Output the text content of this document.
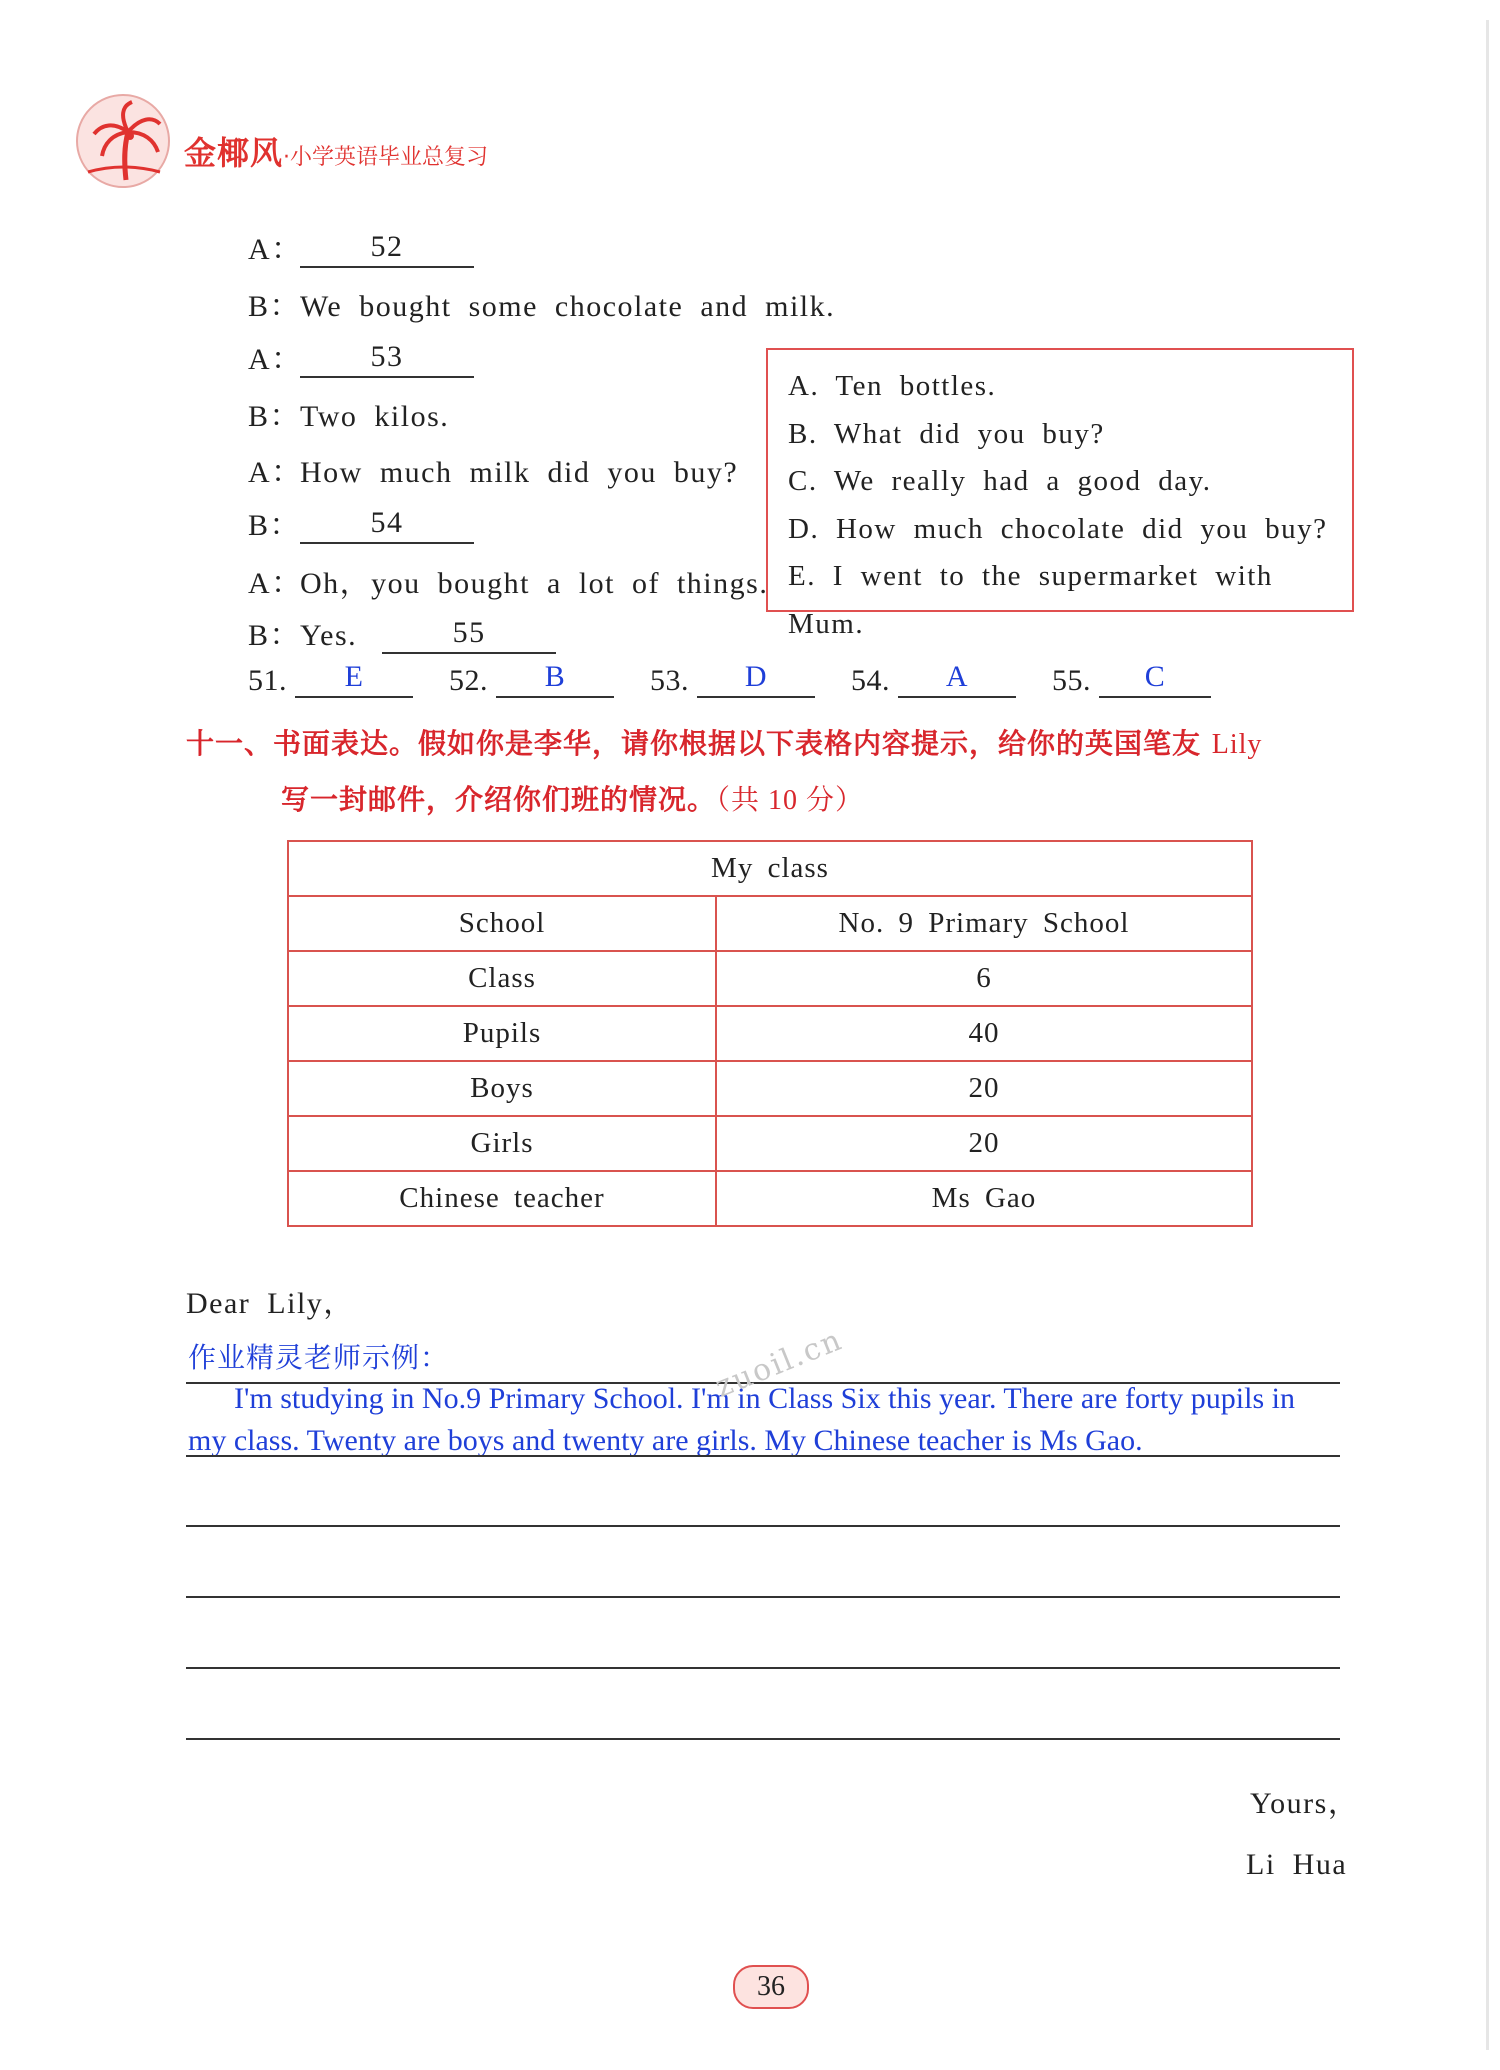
金椰风·小学英语毕业总复习
A： 52
B：We bought some chocolate and milk.
A： 53
B：Two kilos.
A：How much milk did you buy?
B： 54
A：Oh，you bought a lot of things.
B：Yes.	55
A. Ten bottles.
B. What did you buy?
C. We really had a good day.
D. How much chocolate did you buy?
E. I went to the supermarket with Mum.
51. E	52. B	53. D	54. A	55. C
十一、书面表达。假如你是李华，请你根据以下表格内容提示，给你的英国笔友 Lily
写一封邮件，介绍你们班的情况。（共 10 分）
My class	
School	No. 9 Primary School
Class	6
Pupils	40
Boys	20
Girls	20
Chinese teacher	Ms Gao
Dear Lily，
作业精灵老师示例：
I'm studying in No.9 Primary School. I'm in Class Six this year. There are forty pupils in
my class. Twenty are boys and twenty are girls. My Chinese teacher is Ms Gao.
zuoil.cn
Yours，
Li Hua
36
